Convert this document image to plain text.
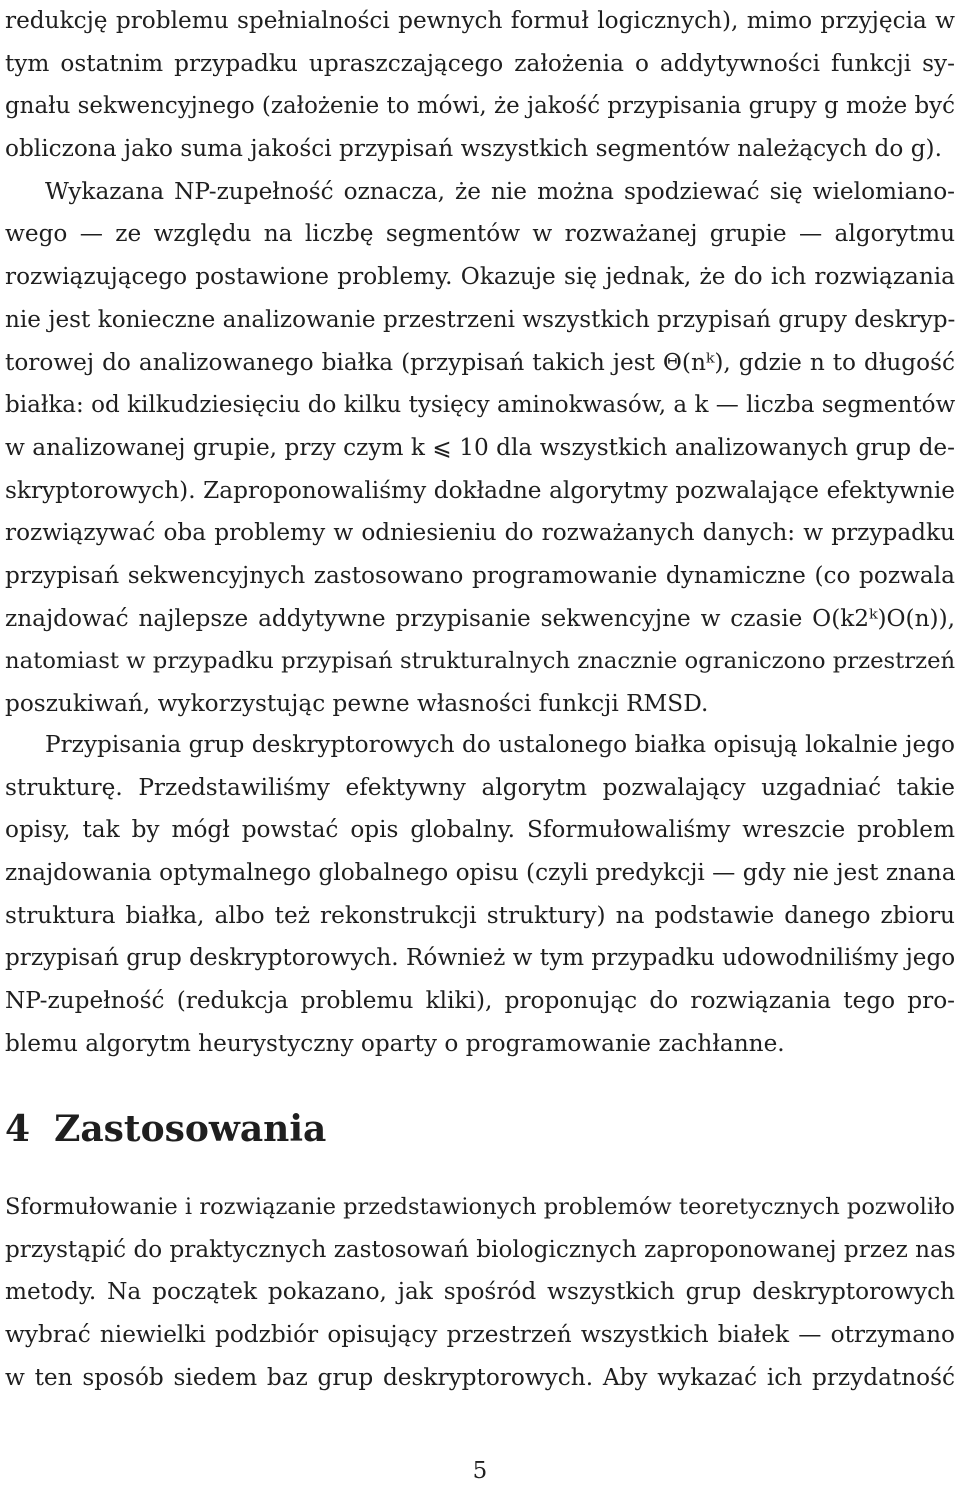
redukcję problemu spełnialności pewnych formuł logicznych), mimo przyjęcia w
tym ostatnim przypadku upraszczającego założenia o addytywności funkcji sy-
gnału sekwencyjnego (założenie to mówi, że jakość przypisania grupy g może być
obliczona jako suma jakości przypisań wszystkich segmentów należących do g).
Wykazana NP-zupełność oznacza, że nie można spodziewać się wielomiano-
wego — ze względu na liczbę segmentów w rozważanej grupie — algorytmu
rozwiązującego postawione problemy. Okazuje się jednak, że do ich rozwiązania
nie jest konieczne analizowanie przestrzeni wszystkich przypisań grupy deskryp-
torowej do analizowanego białka (przypisań takich jest Θ(nᵏ), gdzie n to długość
białka: od kilkudziesięciu do kilku tysięcy aminokwasów, a k — liczba segmentów
w analizowanej grupie, przy czym k ⩽ 10 dla wszystkich analizowanych grup de-
skryptorowych). Zaproponowaliśmy dokładne algorytmy pozwalające efektywnie
rozwiązywać oba problemy w odniesieniu do rozważanych danych: w przypadku
przypisań sekwencyjnych zastosowano programowanie dynamiczne (co pozwala
znajdować najlepsze addytywne przypisanie sekwencyjne w czasie O(k2ᵏ)O(n)),
natomiast w przypadku przypisań strukturalnych znacznie ograniczono przestrzeń
poszukiwań, wykorzystując pewne własności funkcji RMSD.
Przypisania grup deskryptorowych do ustalonego białka opisują lokalnie jego
strukturę. Przedstawiliśmy efektywny algorytm pozwalający uzgadniać takie
opisy, tak by mógł powstać opis globalny. Sformułowaliśmy wreszcie problem
znajdowania optymalnego globalnego opisu (czyli predykcji — gdy nie jest znana
struktura białka, albo też rekonstrukcji struktury) na podstawie danego zbioru
przypisań grup deskryptorowych. Również w tym przypadku udowodniliśmy jego
NP-zupełność (redukcja problemu kliki), proponując do rozwiązania tego pro-
blemu algorytm heurystyczny oparty o programowanie zachłanne.
4 Zastosowania
Sformułowanie i rozwiązanie przedstawionych problemów teoretycznych pozwoliło
przystąpić do praktycznych zastosowań biologicznych zaproponowanej przez nas
metody. Na początek pokazano, jak spośród wszystkich grup deskryptorowych
wybrać niewielki podzbiór opisujący przestrzeń wszystkich białek — otrzymano
w ten sposób siedem baz grup deskryptorowych. Aby wykazać ich przydatność
5
